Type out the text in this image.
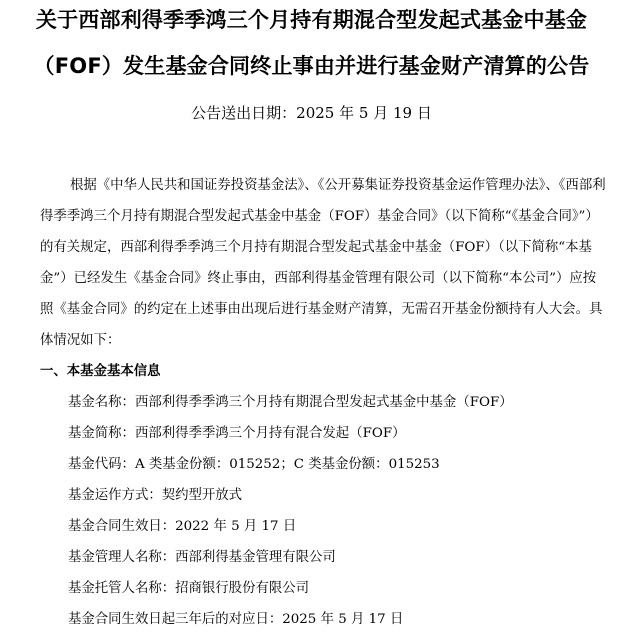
关于西部利得季季鸿三个月持有期混合型发起式基金中基金
（FOF）发生基金合同终止事由并进行基金财产清算的公告
公告送出日期：2025 年 5 月 19 日
根据《中华人民共和国证券投资基金法》、《公开募集证券投资基金运作管理办法》、《西部利
得季季鸿三个月持有期混合型发起式基金中基金（FOF）基金合同》（以下简称“《基金合同》”）
的有关规定，西部利得季季鸿三个月持有期混合型发起式基金中基金（FOF）（以下简称“本基
金”）已经发生《基金合同》终止事由，西部利得基金管理有限公司（以下简称“本公司”）应按
照《基金合同》的约定在上述事由出现后进行基金财产清算，无需召开基金份额持有人大会。具
体情况如下：
一、本基金基本信息
基金名称：西部利得季季鸿三个月持有期混合型发起式基金中基金（FOF）
基金简称：西部利得季季鸿三个月持有混合发起（FOF）
基金代码：A 类基金份额：015252；C 类基金份额：015253
基金运作方式：契约型开放式
基金合同生效日：2022 年 5 月 17 日
基金管理人名称：西部利得基金管理有限公司
基金托管人名称：招商银行股份有限公司
基金合同生效日起三年后的对应日：2025 年 5 月 17 日
